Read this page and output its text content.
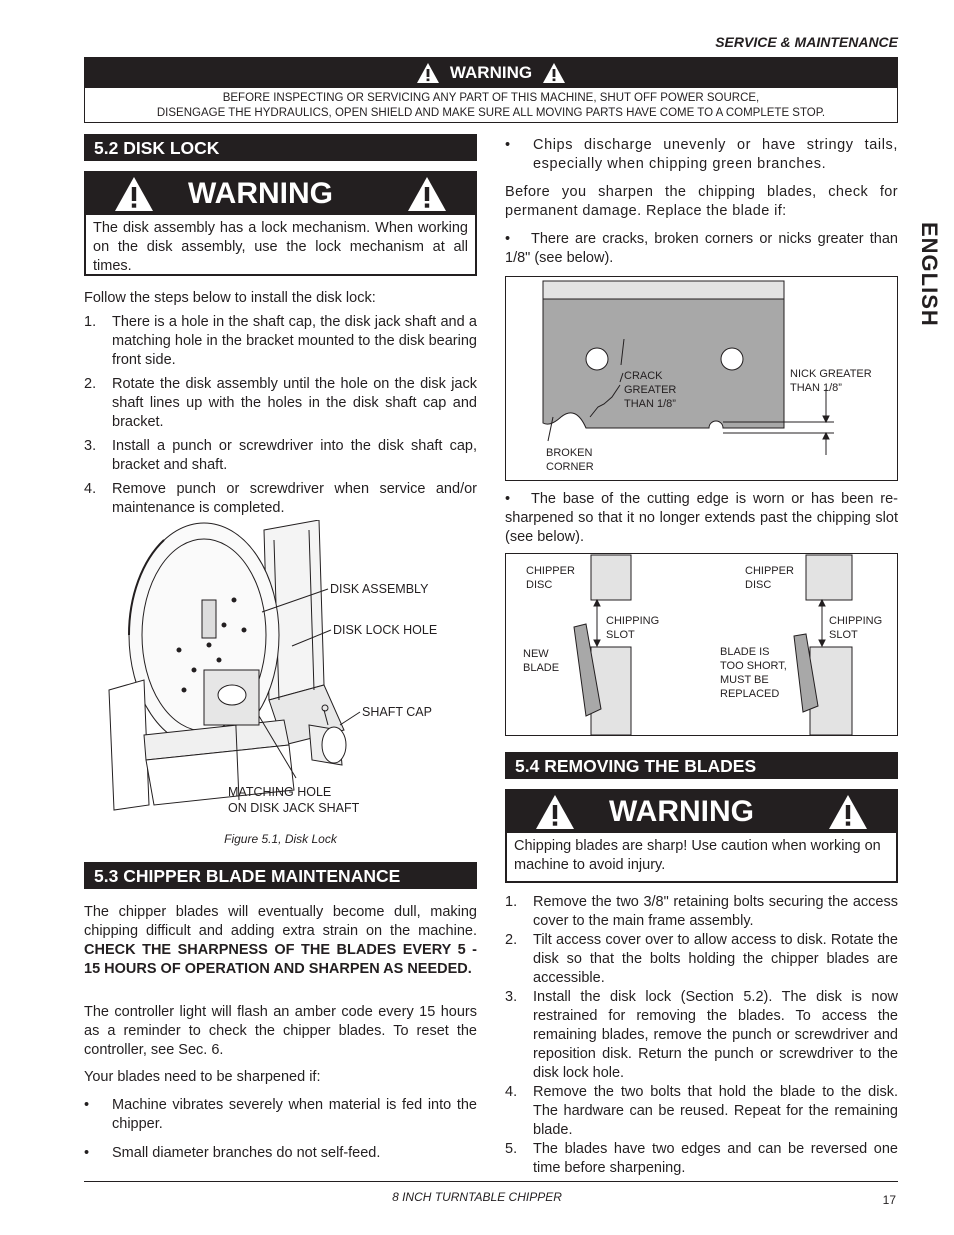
SERVICE & MAINTENANCE
WARNING
BEFORE INSPECTING OR SERVICING ANY PART OF THIS MACHINE, SHUT OFF POWER SOURCE,
DISENGAGE THE HYDRAULICS, OPEN SHIELD AND MAKE SURE ALL MOVING PARTS HAVE COME TO A COMPLETE STOP.
ENGLISH
5.2 DISK LOCK
WARNING
The disk assembly has a lock mechanism. When working on the disk assembly, use the lock mechanism at all times.
Follow the steps below to install the disk lock:
1.	There is a hole in the shaft cap, the disk jack shaft and a matching hole in the bracket mounted to the disk bearing front side.
2.	Rotate the disk assembly until the hole on the disk jack shaft lines up with the holes in the disk shaft cap and bracket.
3.	Install a punch or screwdriver into the disk shaft cap, bracket and shaft.
4.	Remove punch or screwdriver when service and/or maintenance is completed.
DISK ASSEMBLY
DISK LOCK HOLE
SHAFT CAP
MATCHING HOLE
ON DISK JACK SHAFT
Figure 5.1, Disk Lock
5.3 CHIPPER BLADE MAINTENANCE
The chipper blades will eventually become dull, making chipping difficult and adding extra strain on the machine. CHECK THE SHARPNESS OF THE BLADES EVERY 5 - 15 HOURS OF OPERATION AND SHARPEN AS NEEDED.
The controller light will flash an amber code every 15 hours as a reminder to check the chipper blades. To reset the controller, see Sec. 6.
Your blades need to be sharpened if:
•	Machine vibrates severely when material is fed into the chipper.
•	Small diameter branches do not self-feed.
•	Chips discharge unevenly or have stringy tails, especially when chipping green branches.
Before you sharpen the chipping blades, check for permanent damage. Replace the blade if:
• There are cracks, broken corners or nicks greater than 1/8" (see below).
CRACK
GREATER
THAN 1/8”
NICK GREATER
THAN 1/8”
BROKEN
CORNER
• The base of the cutting edge is worn or has been re-sharpened so that it no longer extends past the chipping slot (see below).
CHIPPER
DISC
CHIPPING
SLOT
NEW
BLADE
CHIPPER
DISC
CHIPPING
SLOT
BLADE IS
TOO SHORT,
MUST BE
REPLACED
5.4 REMOVING THE BLADES
WARNING
Chipping blades are sharp! Use caution when working on machine to avoid injury.
1.	Remove the two 3/8" retaining bolts securing the access cover to the main frame assembly.
2.	Tilt access cover over to allow access to disk. Rotate the disk so that the bolts holding the chipper blades are accessible.
3.	Install the disk lock (Section 5.2). The disk is now restrained for removing the blades. To access the remaining blades, remove the punch or screwdriver and reposition disk. Return the punch or screwdriver to the disk lock hole.
4.	Remove the two bolts that hold the blade to the disk. The hardware can be reused. Repeat for the remaining blade.
5.	The blades have two edges and can be reversed one time before sharpening.
8 INCH TURNTABLE CHIPPER	17
